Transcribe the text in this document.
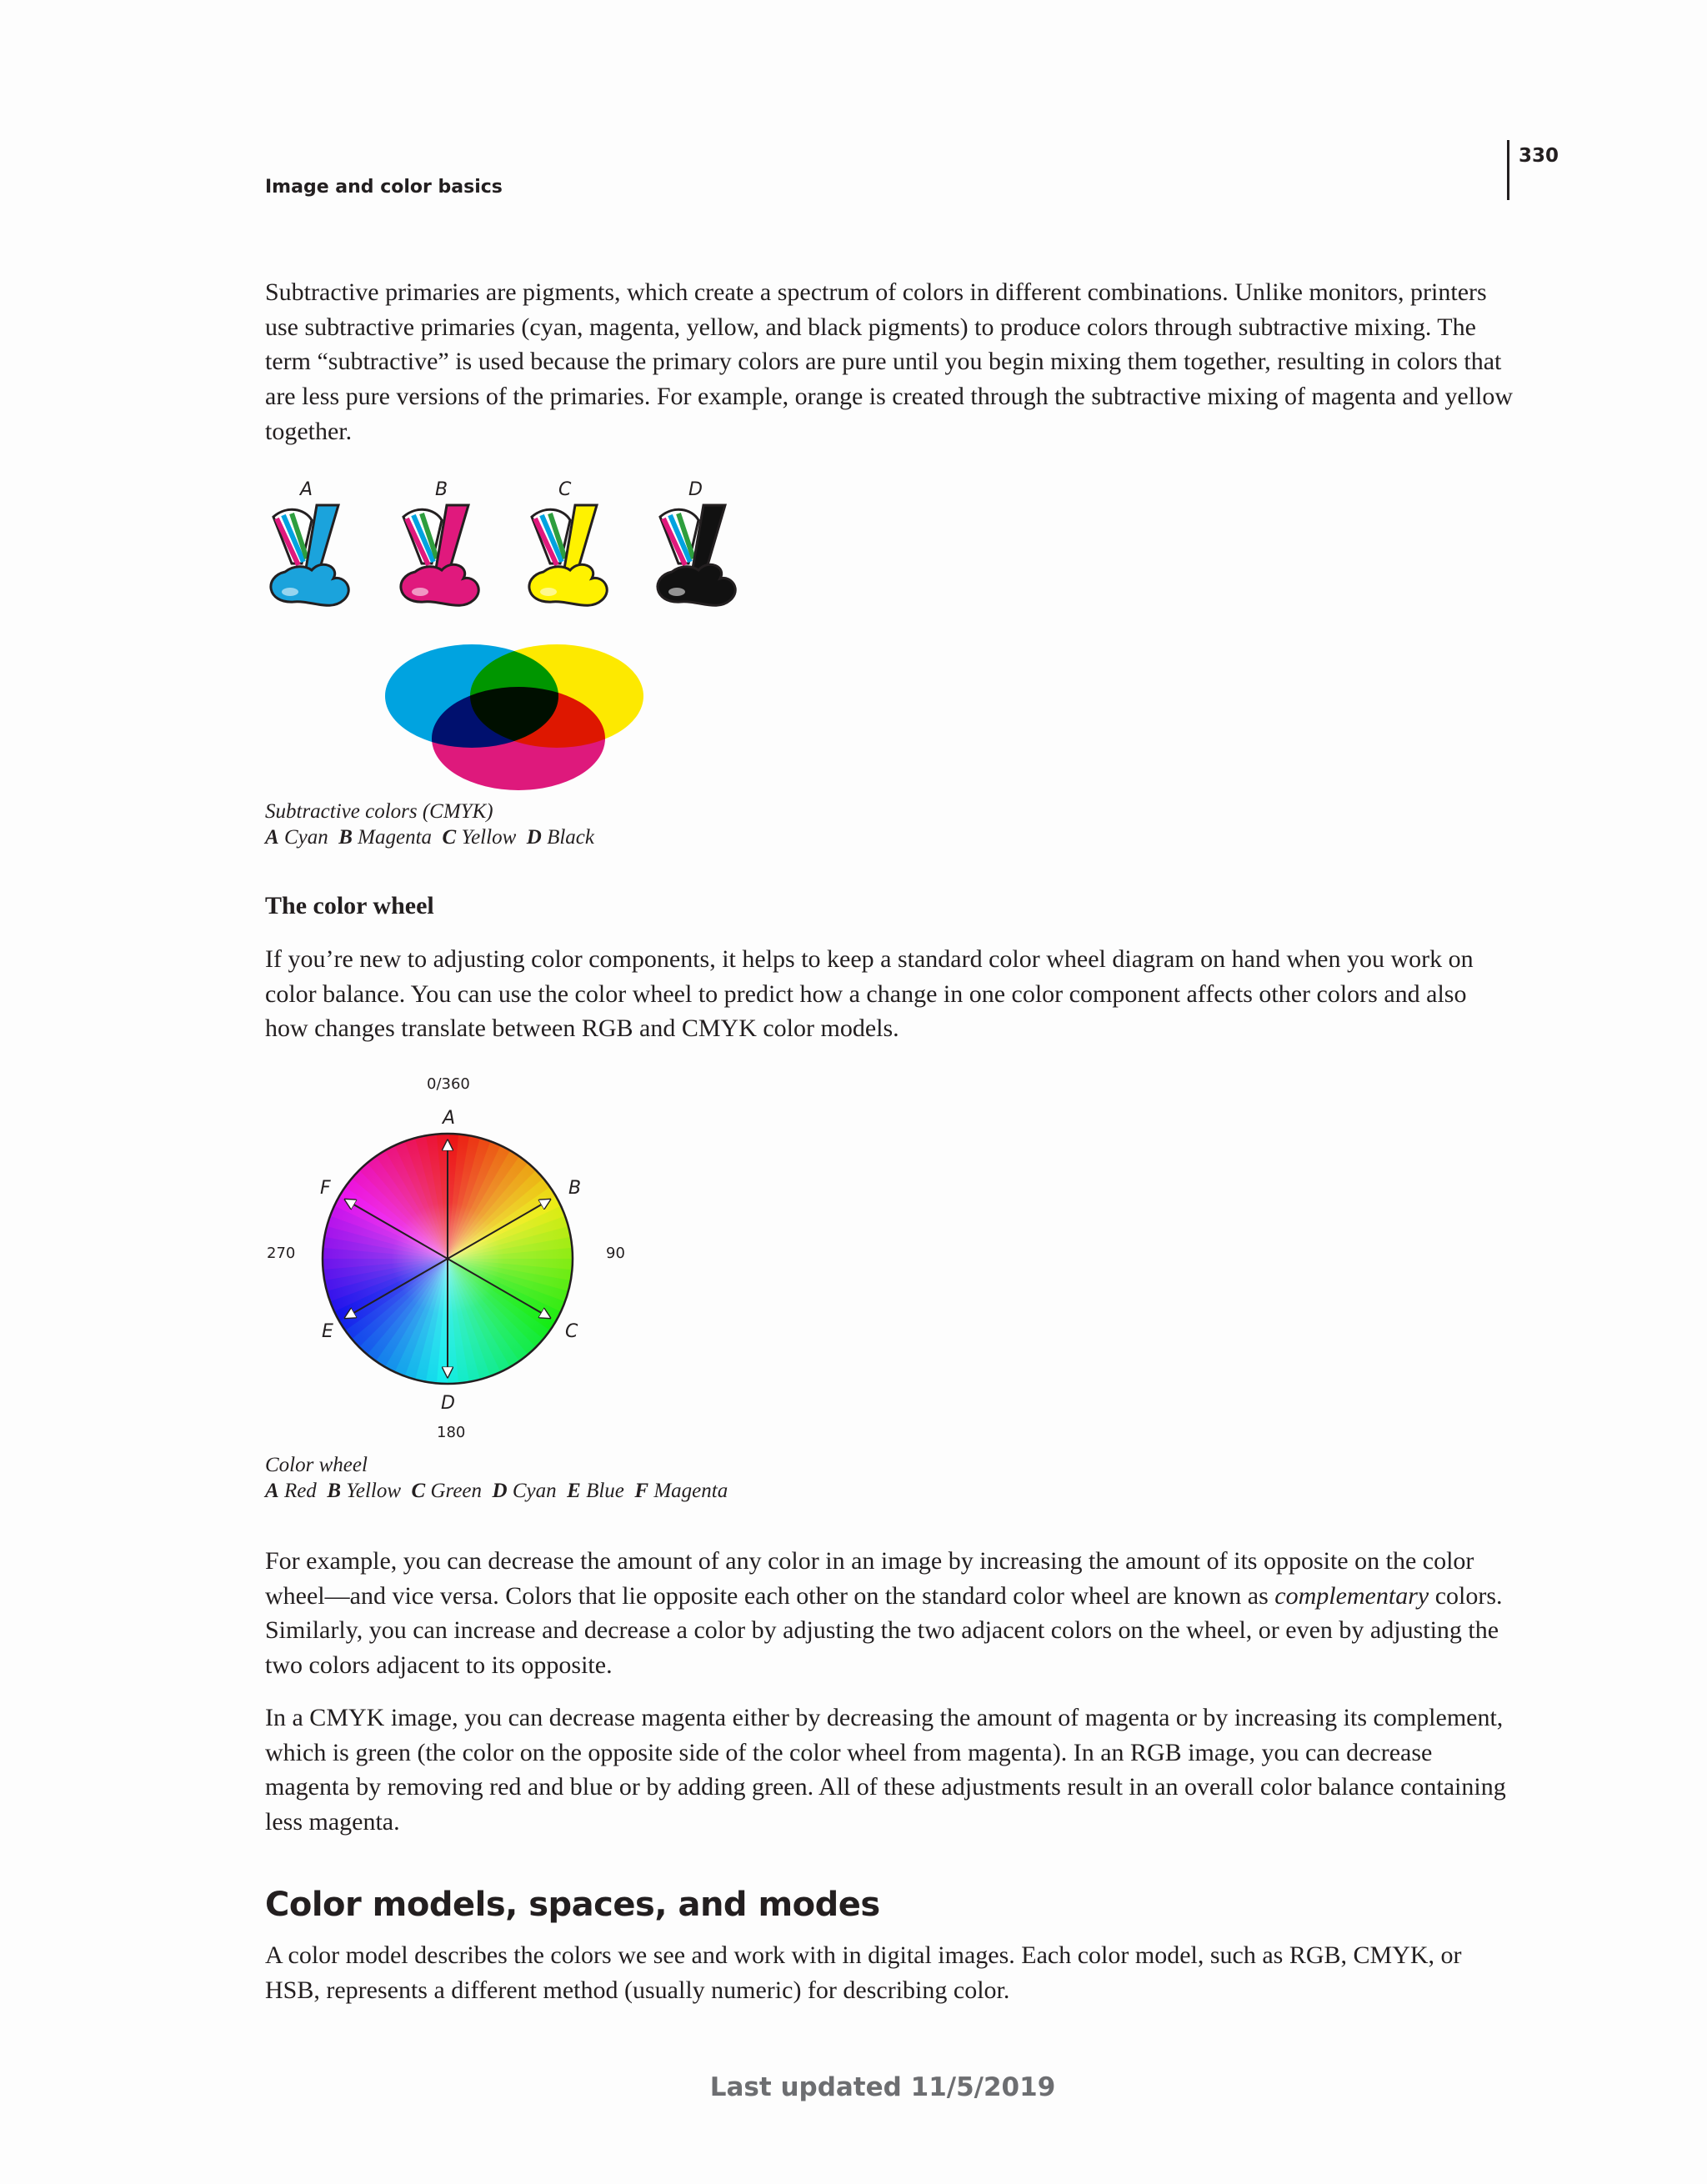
330
Image and color basics

Subtractive primaries are pigments, which create a spectrum of colors in different combinations. Unlike monitors, printers use subtractive primaries (cyan, magenta, yellow, and black pigments) to produce colors through subtractive mixing. The term “subtractive” is used because the primary colors are pure until you begin mixing them together, resulting in colors that are less pure versions of the primaries. For example, orange is created through the subtractive mixing of magenta and yellow together.

A	B	C	D
0/360
A
B
C
D
E
F
90
180
270

Subtractive colors (CMYK)
A Cyan B Magenta C Yellow D Black

The color wheel

If you’re new to adjusting color components, it helps to keep a standard color wheel diagram on hand when you work on color balance. You can use the color wheel to predict how a change in one color component affects other colors and also how changes translate between RGB and CMYK color models.

Color wheel
A Red B Yellow C Green D Cyan E Blue F Magenta

For example, you can decrease the amount of any color in an image by increasing the amount of its opposite on the color wheel—and vice versa. Colors that lie opposite each other on the standard color wheel are known as complementary colors. Similarly, you can increase and decrease a color by adjusting the two adjacent colors on the wheel, or even by adjusting the two colors adjacent to its opposite.

In a CMYK image, you can decrease magenta either by decreasing the amount of magenta or by increasing its complement, which is green (the color on the opposite side of the color wheel from magenta). In an RGB image, you can decrease magenta by removing red and blue or by adding green. All of these adjustments result in an overall color balance containing less magenta.

Color models, spaces, and modes

A color model describes the colors we see and work with in digital images. Each color model, such as RGB, CMYK, or HSB, represents a different method (usually numeric) for describing color.

Last updated 11/5/2019
